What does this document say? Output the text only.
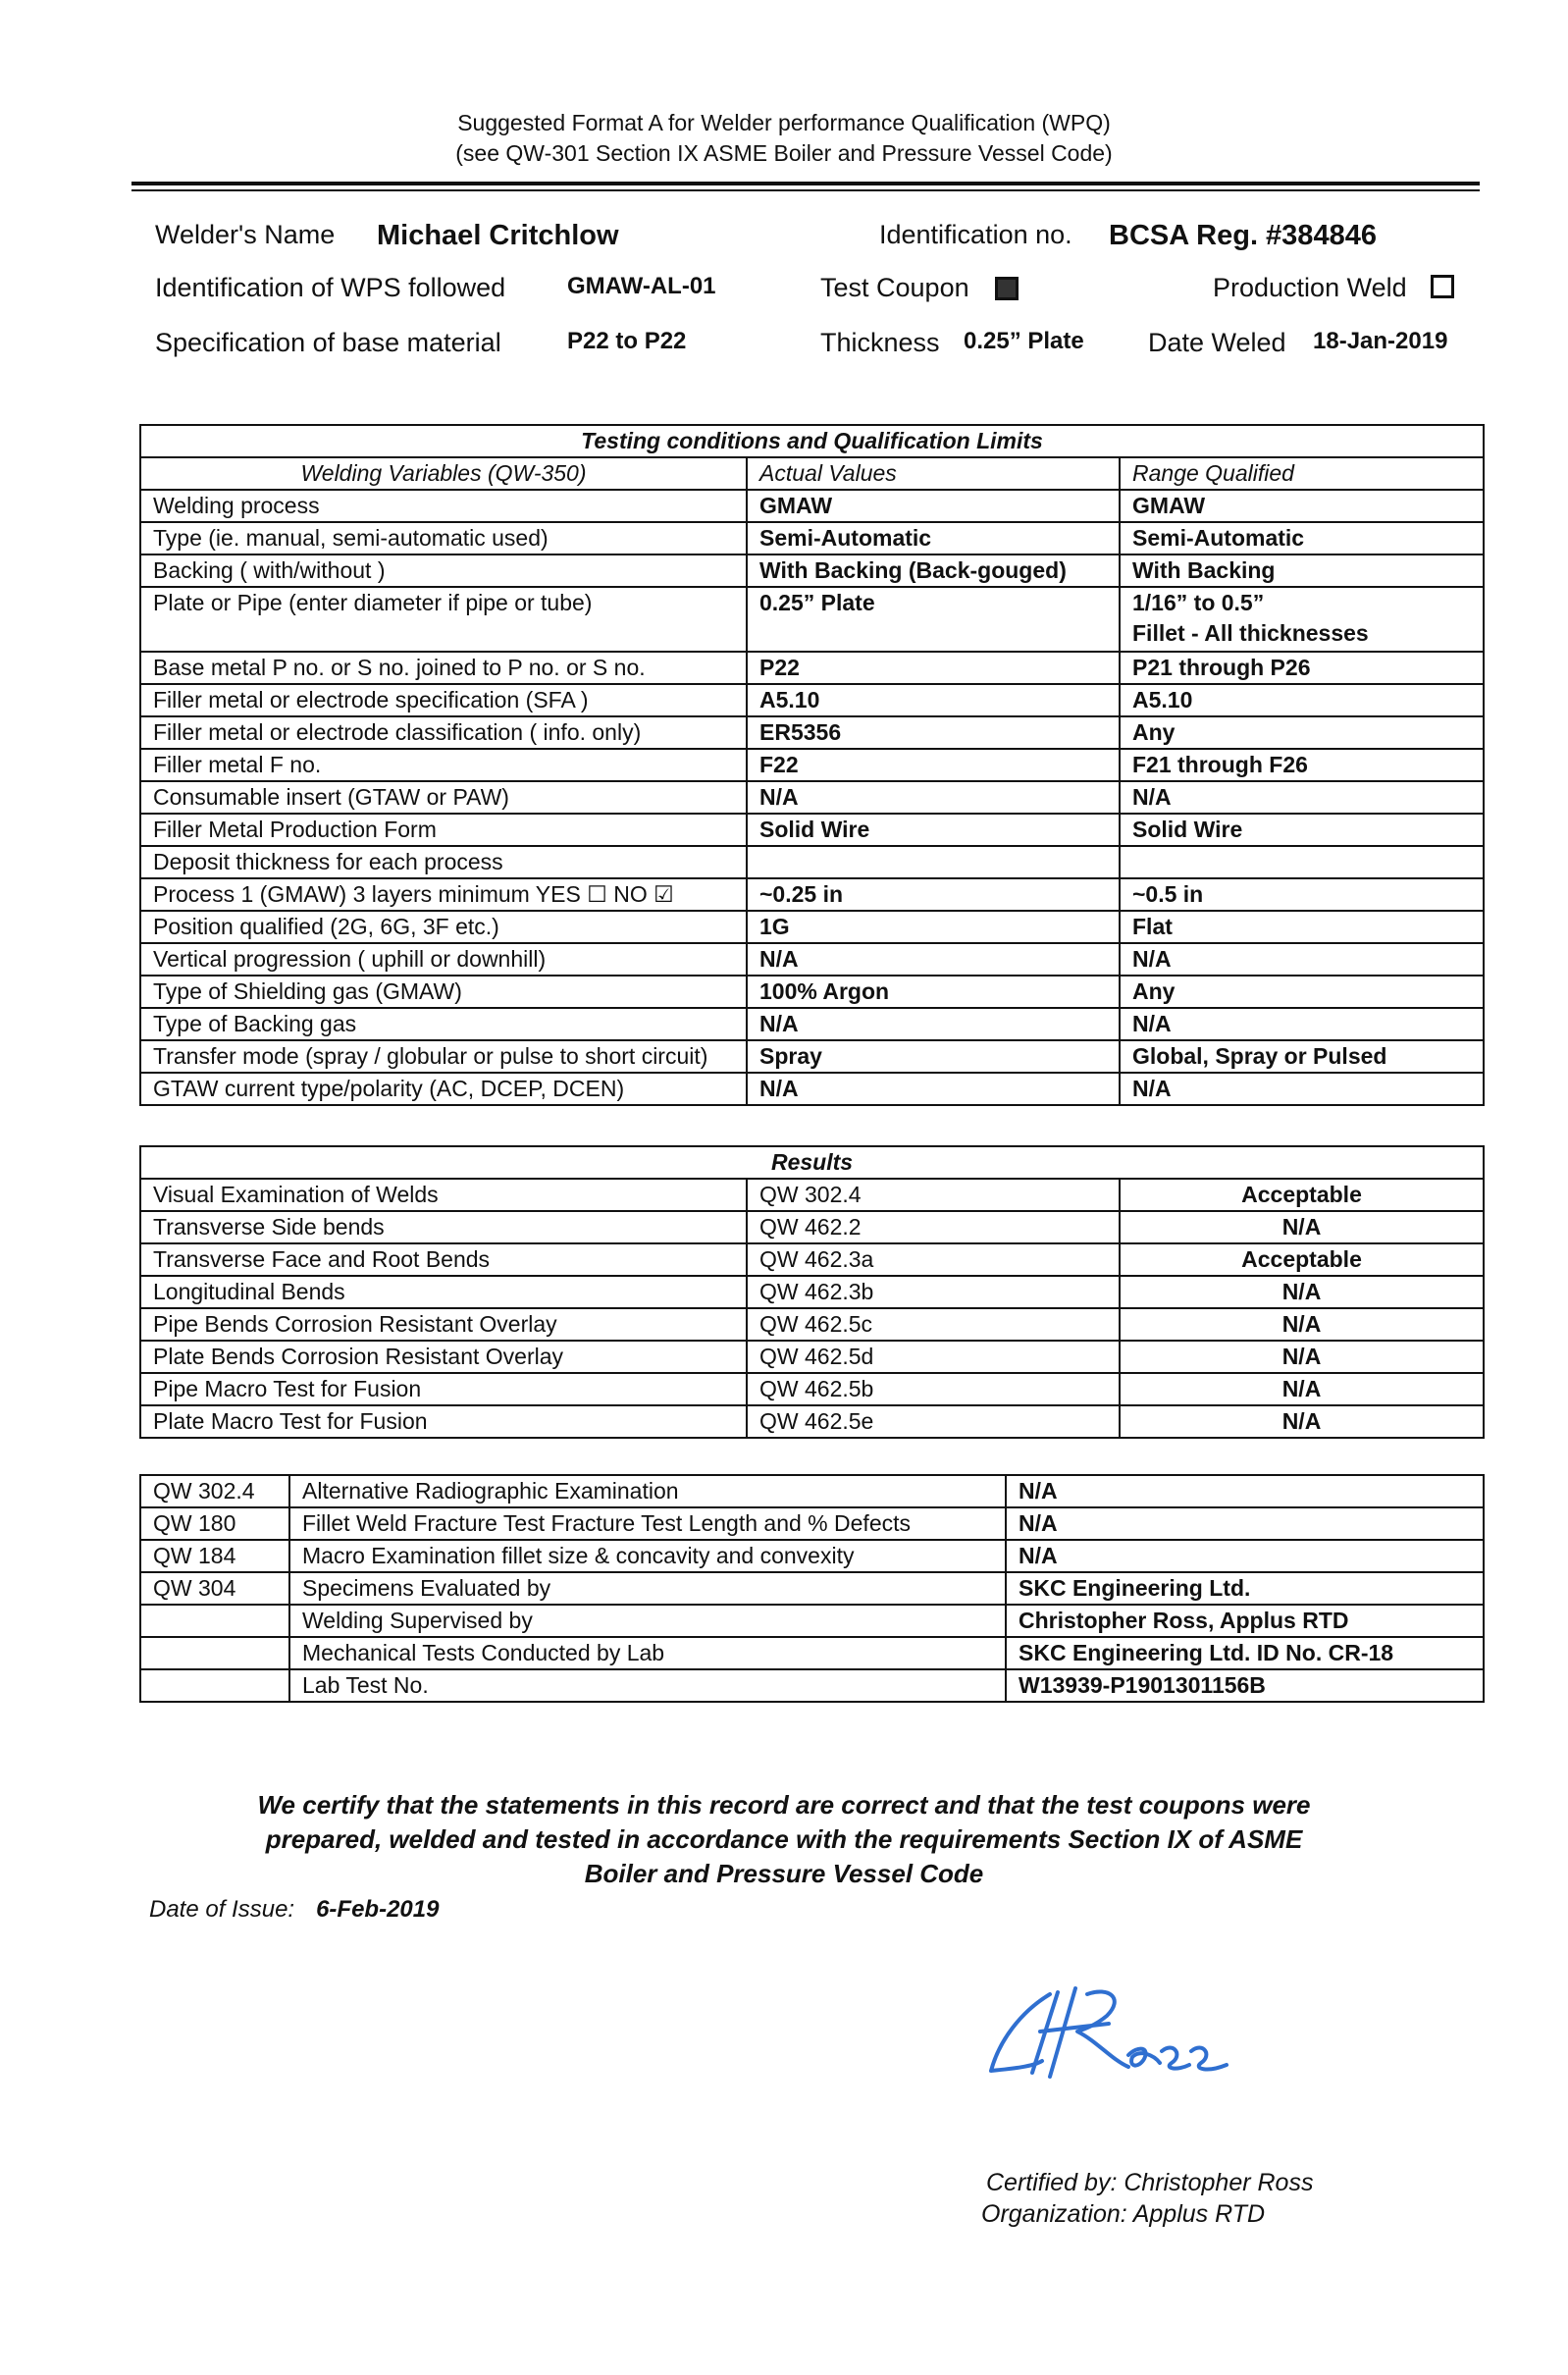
Suggested Format A for Welder performance Qualification (WPQ)
(see QW-301 Section IX ASME Boiler and Pressure Vessel Code)
Welder's Name Michael Critchlow	Identification no. BCSA Reg. #384846
Identification of WPS followed	GMAW-AL-01	Test Coupon	Production Weld
Specification of base material	P22 to P22	Thickness 0.25” Plate Date Weled 18-Jan-2019
Testing conditions and Qualification Limits		
Welding Variables (QW-350)	Actual Values	Range Qualified
Welding process	GMAW	GMAW
Type (ie. manual, semi-automatic used)	Semi-Automatic	Semi-Automatic
Backing ( with/without )	With Backing (Back-gouged)	With Backing
Plate or Pipe (enter diameter if pipe or tube)	0.25” Plate	1/16” to 0.5”
Fillet - All thicknesses

Base metal P no. or S no. joined to P no. or S no.	P22	P21 through P26
Filler metal or electrode specification (SFA )	A5.10	A5.10
Filler metal or electrode classification ( info. only)	ER5356	Any
Filler metal F no.	F22	F21 through F26
Consumable insert (GTAW or PAW)	N/A	N/A
Filler Metal Production Form	Solid Wire	Solid Wire
Deposit thickness for each process		
Process 1 (GMAW) 3 layers minimum YES ☐ NO ☑	~0.25 in	~0.5 in
Position qualified (2G, 6G, 3F etc.)	1G	Flat
Vertical progression ( uphill or downhill)	N/A	N/A
Type of Shielding gas (GMAW)	100% Argon	Any
Type of Backing gas	N/A	N/A
Transfer mode (spray / globular or pulse to short circuit)	Spray	Global, Spray or Pulsed
GTAW current type/polarity (AC, DCEP, DCEN)	N/A	N/A
Results		
Visual Examination of Welds	QW 302.4	Acceptable
Transverse Side bends	QW 462.2	N/A
Transverse Face and Root Bends	QW 462.3a	Acceptable
Longitudinal Bends	QW 462.3b	N/A
Pipe Bends Corrosion Resistant Overlay	QW 462.5c	N/A
Plate Bends Corrosion Resistant Overlay	QW 462.5d	N/A
Pipe Macro Test for Fusion	QW 462.5b	N/A
Plate Macro Test for Fusion	QW 462.5e	N/A
QW 302.4	Alternative Radiographic Examination	N/A
QW 180	Fillet Weld Fracture Test Fracture Test Length and % Defects	N/A
QW 184	Macro Examination fillet size & concavity and convexity	N/A
QW 304	Specimens Evaluated by	SKC Engineering Ltd.
	Welding Supervised by	Christopher Ross, Applus RTD
	Mechanical Tests Conducted by Lab	SKC Engineering Ltd. ID No. CR-18
	Lab Test No.	W13939-P1901301156B
We certify that the statements in this record are correct and that the test coupons were
prepared, welded and tested in accordance with the requirements Section IX of ASME
Boiler and Pressure Vessel Code
Date of Issue: 6-Feb-2019
Certified by: Christopher Ross
Organization: Applus RTD
